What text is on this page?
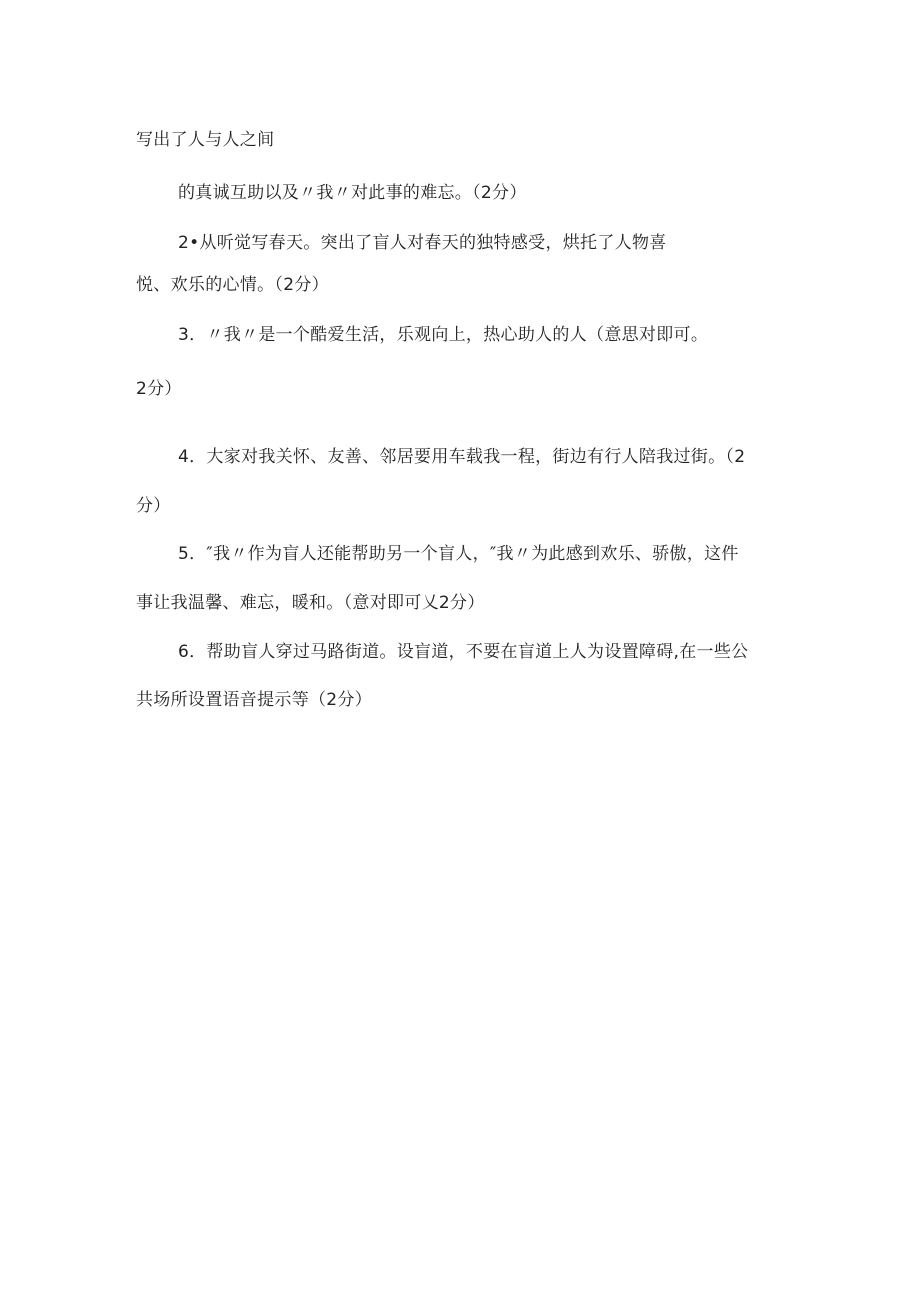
写出了人与人之间
的真诚互助以及〃我〃对此事的难忘。（2分）
2•从听觉写春天。突出了盲人对春天的独特感受，烘托了人物喜
悦、欢乐的心情。（2分）
3．〃我〃是一个酷爱生活，乐观向上，热心助人的人（意思对即可。
2分）
4．大家对我关怀、友善、邻居要用车载我一程，街边有行人陪我过街。（2
分）
5．″我〃作为盲人还能帮助另一个盲人，″我〃为此感到欢乐、骄傲，这件
事让我温馨、难忘，暖和。（意对即可乂2分）
6．帮助盲人穿过马路街道。设盲道，不要在盲道上人为设置障碍,在一些公
共场所设置语音提示等（2分）
